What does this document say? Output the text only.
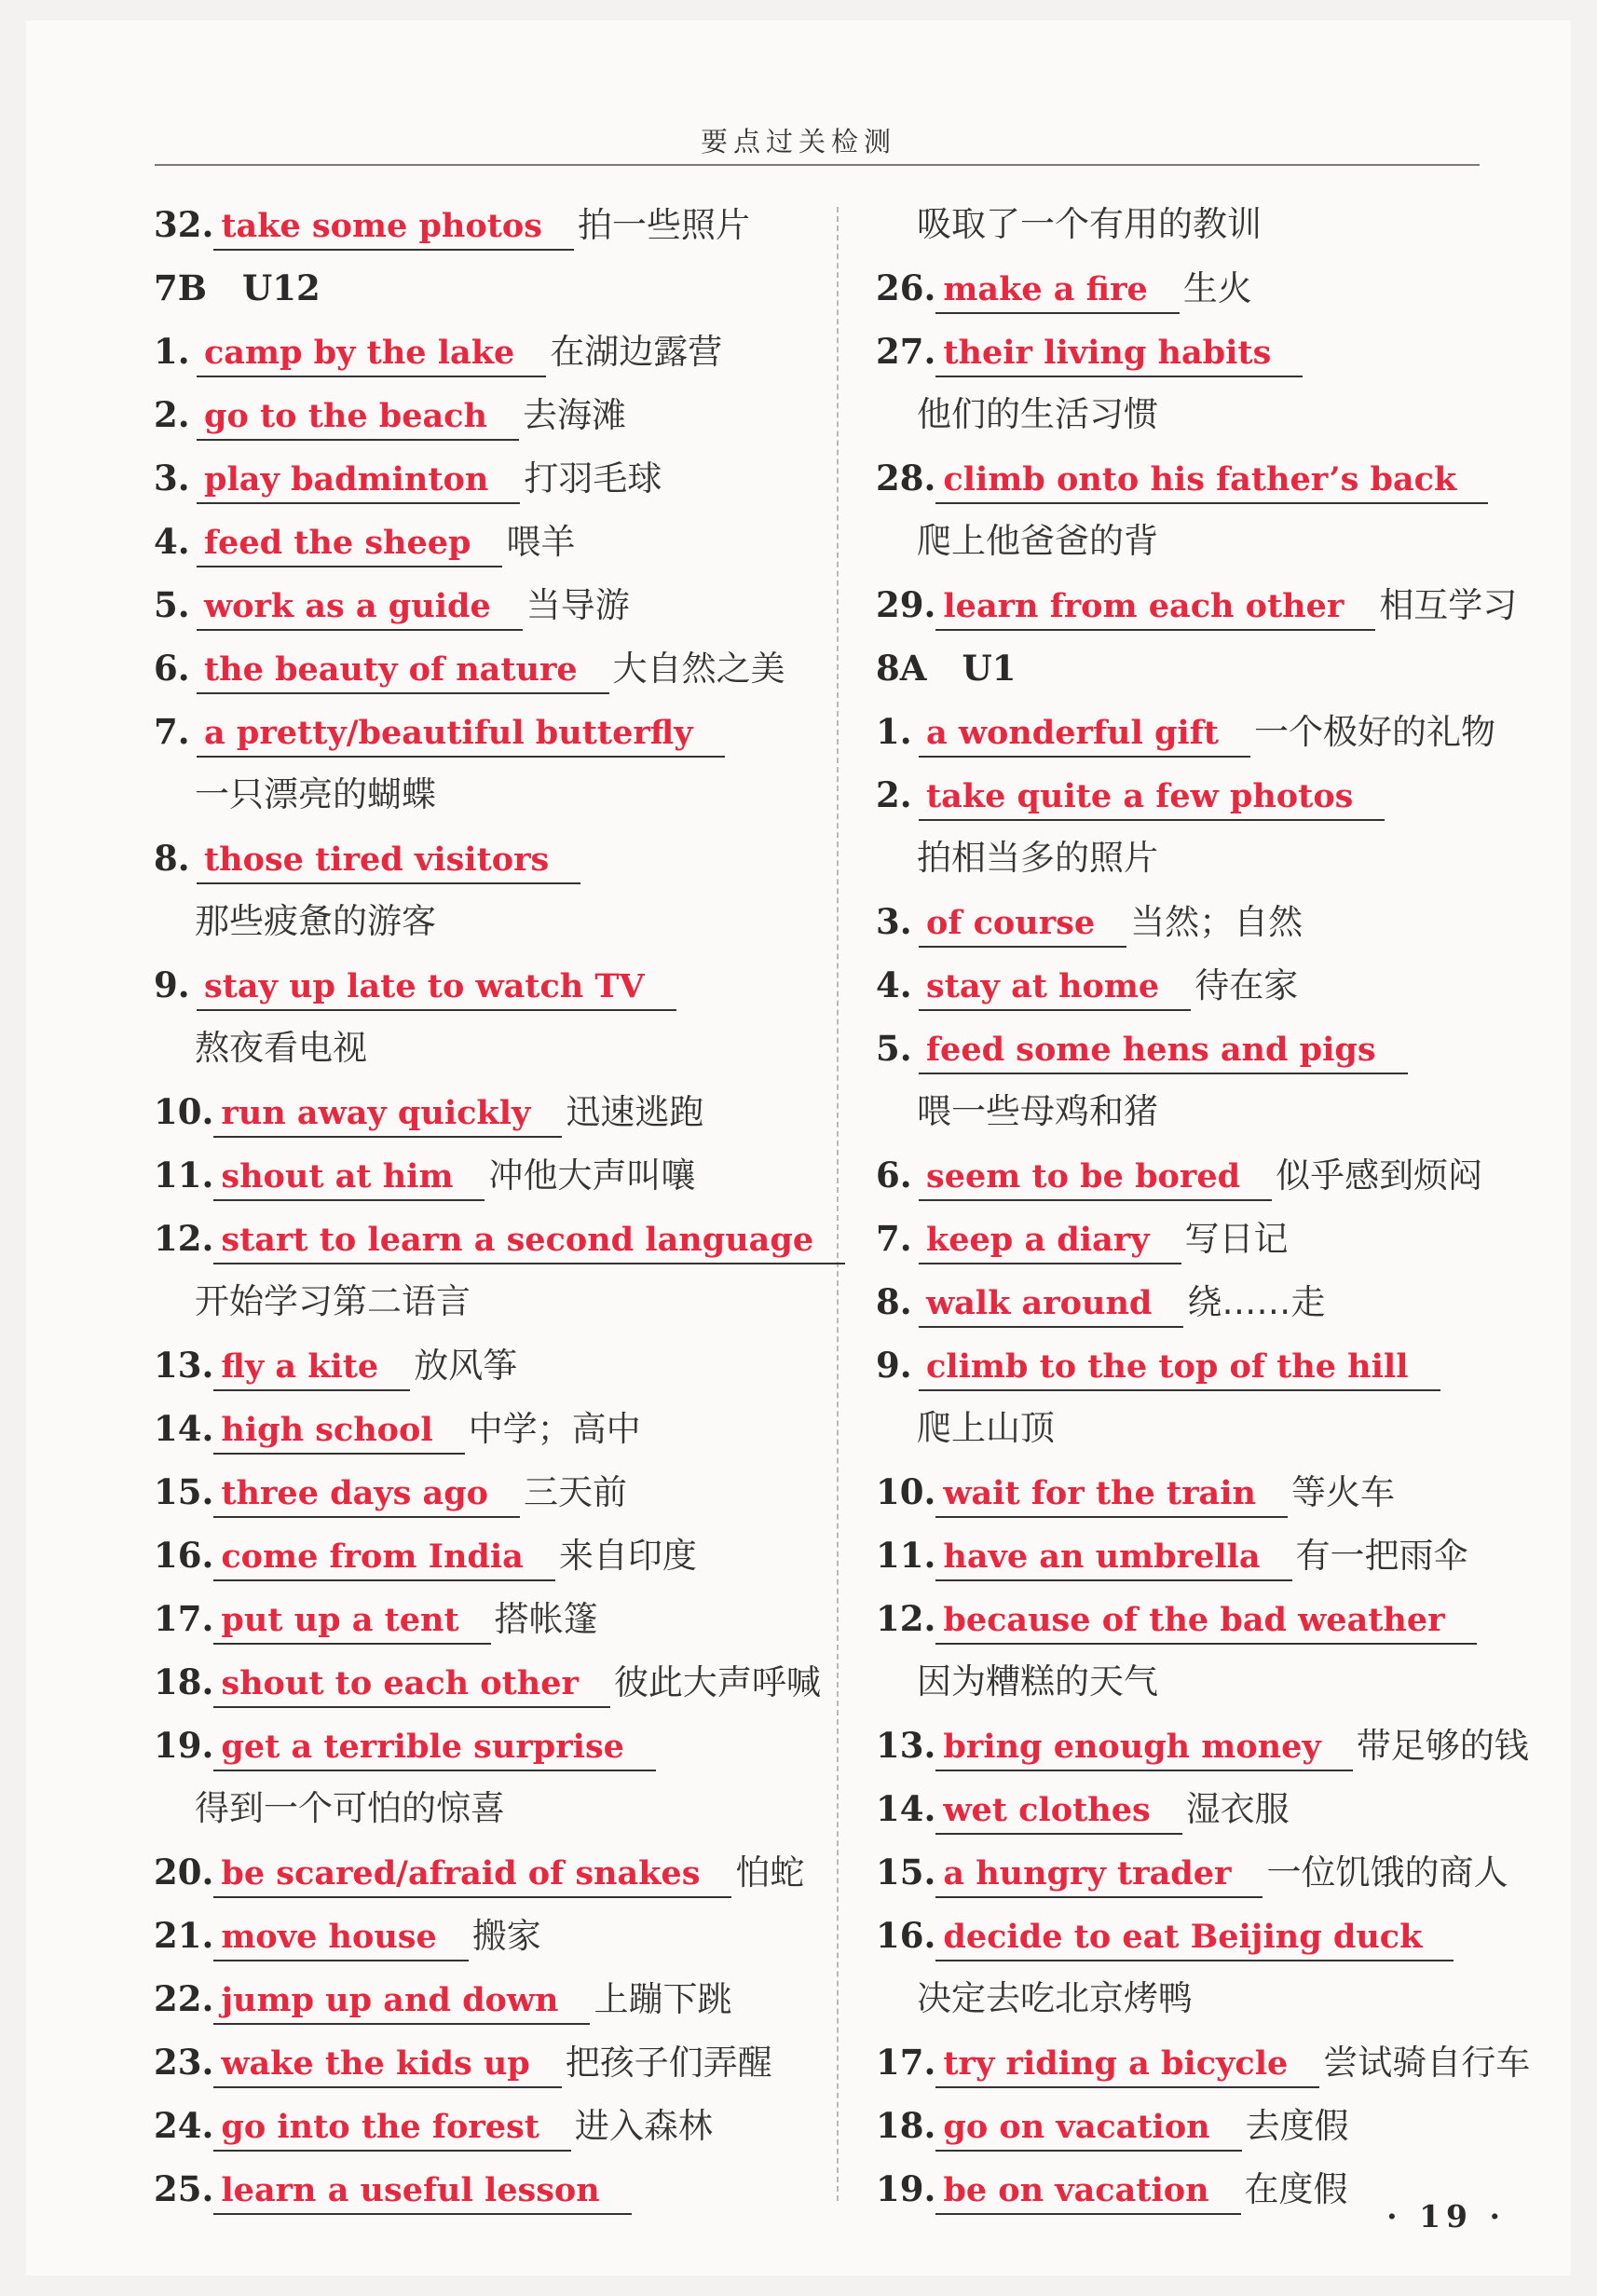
要点过关检测
32. take some photos 拍一些照片
7B U12
1. camp by the lake 在湖边露营
2. go to the beach 去海滩
3. play badminton 打羽毛球
4. feed the sheep 喂羊
5. work as a guide 当导游
6. the beauty of nature 大自然之美
7. a pretty/beautiful butterfly
一只漂亮的蝴蝶
8. those tired visitors
那些疲惫的游客
9. stay up late to watch TV
熬夜看电视
10. run away quickly 迅速逃跑
11. shout at him 冲他大声叫嚷
12. start to learn a second language
开始学习第二语言
13. fly a kite 放风筝
14. high school 中学；高中
15. three days ago 三天前
16. come from India 来自印度
17. put up a tent 搭帐篷
18. shout to each other 彼此大声呼喊
19. get a terrible surprise
得到一个可怕的惊喜
20. be scared/afraid of snakes 怕蛇
21. move house 搬家
22. jump up and down 上蹦下跳
23. wake the kids up 把孩子们弄醒
24. go into the forest 进入森林
25. learn a useful lesson
吸取了一个有用的教训
26. make a fire 生火
27. their living habits
他们的生活习惯
28. climb onto his father’s back
爬上他爸爸的背
29. learn from each other 相互学习
8A U1
1. a wonderful gift 一个极好的礼物
2. take quite a few photos
拍相当多的照片
3. of course 当然；自然
4. stay at home 待在家
5. feed some hens and pigs
喂一些母鸡和猪
6. seem to be bored 似乎感到烦闷
7. keep a diary 写日记
8. walk around 绕……走
9. climb to the top of the hill
爬上山顶
10. wait for the train 等火车
11. have an umbrella 有一把雨伞
12. because of the bad weather
因为糟糕的天气
13. bring enough money 带足够的钱
14. wet clothes 湿衣服
15. a hungry trader 一位饥饿的商人
16. decide to eat Beijing duck
决定去吃北京烤鸭
17. try riding a bicycle 尝试骑自行车
18. go on vacation 去度假
19. be on vacation 在度假
· 19 ·
